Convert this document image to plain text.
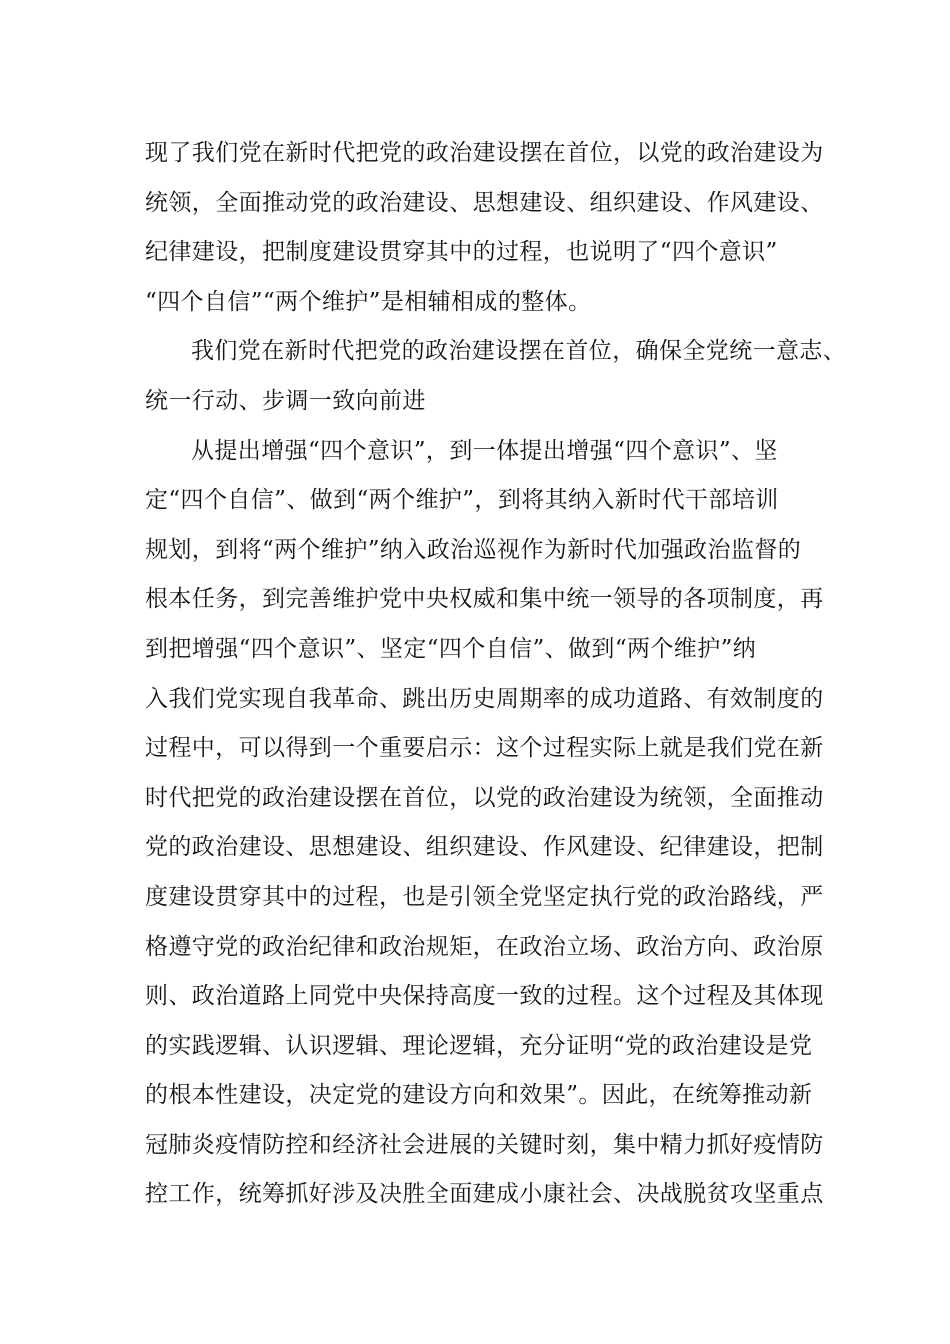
现了我们党在新时代把党的政治建设摆在首位，以党的政治建设为
统领，全面推动党的政治建设、思想建设、组织建设、作风建设、
纪律建设，把制度建设贯穿其中的过程，也说明了“四个意识”
“四个自信”“两个维护”是相辅相成的整体。
我们党在新时代把党的政治建设摆在首位，确保全党统一意志、
统一行动、步调一致向前进
从提出增强“四个意识”，到一体提出增强“四个意识”、坚
定“四个自信”、做到“两个维护”，到将其纳入新时代干部培训
规划，到将“两个维护”纳入政治巡视作为新时代加强政治监督的
根本任务，到完善维护党中央权威和集中统一领导的各项制度，再
到把增强“四个意识”、坚定“四个自信”、做到“两个维护”纳
入我们党实现自我革命、跳出历史周期率的成功道路、有效制度的
过程中，可以得到一个重要启示：这个过程实际上就是我们党在新
时代把党的政治建设摆在首位，以党的政治建设为统领，全面推动
党的政治建设、思想建设、组织建设、作风建设、纪律建设，把制
度建设贯穿其中的过程，也是引领全党坚定执行党的政治路线，严
格遵守党的政治纪律和政治规矩，在政治立场、政治方向、政治原
则、政治道路上同党中央保持高度一致的过程。这个过程及其体现
的实践逻辑、认识逻辑、理论逻辑，充分证明“党的政治建设是党
的根本性建设，决定党的建设方向和效果”。因此，在统筹推动新
冠肺炎疫情防控和经济社会进展的关键时刻，集中精力抓好疫情防
控工作，统筹抓好涉及决胜全面建成小康社会、决战脱贫攻坚重点
